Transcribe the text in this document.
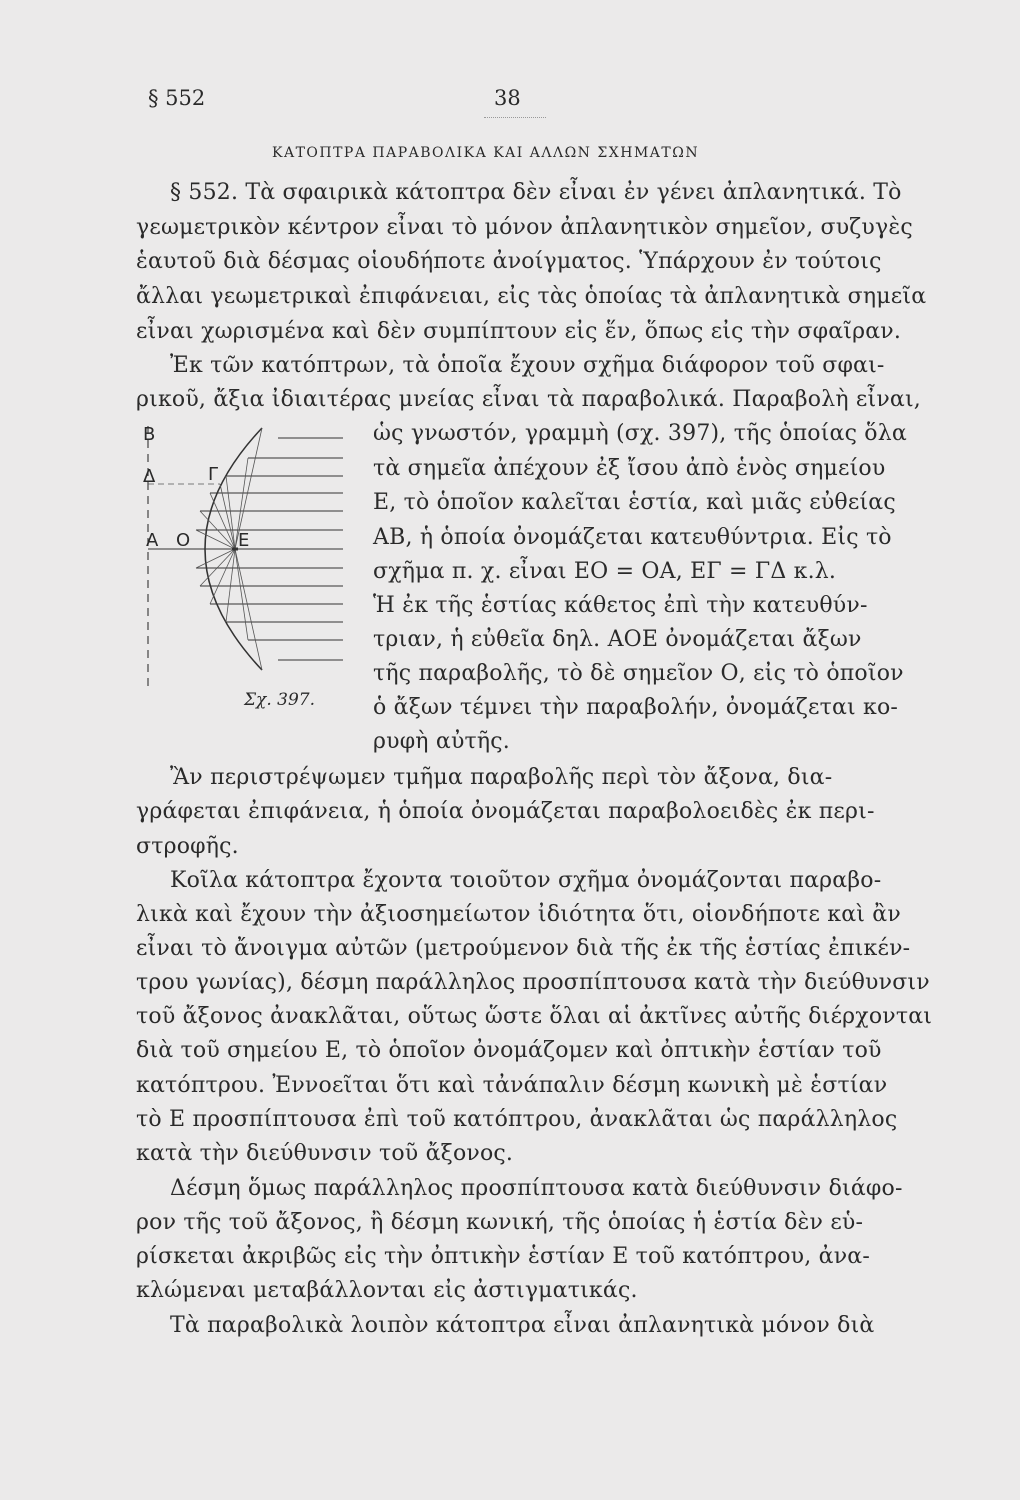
§ 552	38
ΚΑΤΟΠΤΡΑ ΠΑΡΑΒΟΛΙΚΑ ΚΑΙ ΑΛΛΩΝ ΣΧΗΜΑΤΩΝ
§ 552. Τὰ σφαιρικὰ κάτοπτρα δὲν εἶναι ἐν γένει ἀπλανητικά. Τὸ
γεωμετρικὸν κέντρον εἶναι τὸ μόνον ἀπλανητικὸν σημεῖον, συζυγὲς
ἑαυτοῦ διὰ δέσμας οἱουδήποτε ἀνοίγματος. Ὑπάρχουν ἐν τούτοις
ἄλλαι γεωμετρικαὶ ἐπιφάνειαι, εἰς τὰς ὁποίας τὰ ἀπλανητικὰ σημεῖα
εἶναι χωρισμένα καὶ δὲν συμπίπτουν εἰς ἕν, ὅπως εἰς τὴν σφαῖραν.
Ἐκ τῶν κατόπτρων, τὰ ὁποῖα ἔχουν σχῆμα διάφορον τοῦ σφαι-
ρικοῦ, ἄξια ἰδιαιτέρας μνείας εἶναι τὰ παραβολικά. Παραβολὴ εἶναι,
Β
Δ	Γ
Α Ο	Ε
Σχ. 397.
ὡς γνωστόν, γραμμὴ (σχ. 397), τῆς ὁποίας ὅλα
τὰ σημεῖα ἀπέχουν ἐξ ἴσου ἀπὸ ἑνὸς σημείου
Ε, τὸ ὁποῖον καλεῖται ἑστία, καὶ μιᾶς εὐθείας
ΑΒ, ἡ ὁποία ὀνομάζεται κατευθύντρια. Εἰς τὸ
σχῆμα π. χ. εἶναι ΕΟ = ΟΑ, ΕΓ = ΓΔ κ.λ.
Ἡ ἐκ τῆς ἑστίας κάθετος ἐπὶ τὴν κατευθύν-
τριαν, ἡ εὐθεῖα δηλ. ΑΟΕ ὀνομάζεται ἄξων
τῆς παραβολῆς, τὸ δὲ σημεῖον Ο, εἰς τὸ ὁποῖον
ὁ ἄξων τέμνει τὴν παραβολήν, ὀνομάζεται κο-
ρυφὴ αὐτῆς.
Ἂν περιστρέψωμεν τμῆμα παραβολῆς περὶ τὸν ἄξονα, δια-
γράφεται ἐπιφάνεια, ἡ ὁποία ὀνομάζεται παραβολοειδὲς ἐκ περι-
στροφῆς.
Κοῖλα κάτοπτρα ἔχοντα τοιοῦτον σχῆμα ὀνομάζονται παραβο-
λικὰ καὶ ἔχουν τὴν ἀξιοσημείωτον ἰδιότητα ὅτι, οἱονδήποτε καὶ ἂν
εἶναι τὸ ἄνοιγμα αὐτῶν (μετρούμενον διὰ τῆς ἐκ τῆς ἑστίας ἐπικέν-
τρου γωνίας), δέσμη παράλληλος προσπίπτουσα κατὰ τὴν διεύθυνσιν
τοῦ ἄξονος ἀνακλᾶται, οὕτως ὥστε ὅλαι αἱ ἀκτῖνες αὐτῆς διέρχονται
διὰ τοῦ σημείου Ε, τὸ ὁποῖον ὀνομάζομεν καὶ ὀπτικὴν ἑστίαν τοῦ
κατόπτρου. Ἐννοεῖται ὅτι καὶ τἀνάπαλιν δέσμη κωνικὴ μὲ ἑστίαν
τὸ Ε προσπίπτουσα ἐπὶ τοῦ κατόπτρου, ἀνακλᾶται ὡς παράλληλος
κατὰ τὴν διεύθυνσιν τοῦ ἄξονος.
Δέσμη ὅμως παράλληλος προσπίπτουσα κατὰ διεύθυνσιν διάφο-
ρον τῆς τοῦ ἄξονος, ἢ δέσμη κωνική, τῆς ὁποίας ἡ ἑστία δὲν εὑ-
ρίσκεται ἀκριβῶς εἰς τὴν ὀπτικὴν ἑστίαν Ε τοῦ κατόπτρου, ἀνα-
κλώμεναι μεταβάλλονται εἰς ἀστιγματικάς.
Τὰ παραβολικὰ λοιπὸν κάτοπτρα εἶναι ἀπλανητικὰ μόνον διὰ
